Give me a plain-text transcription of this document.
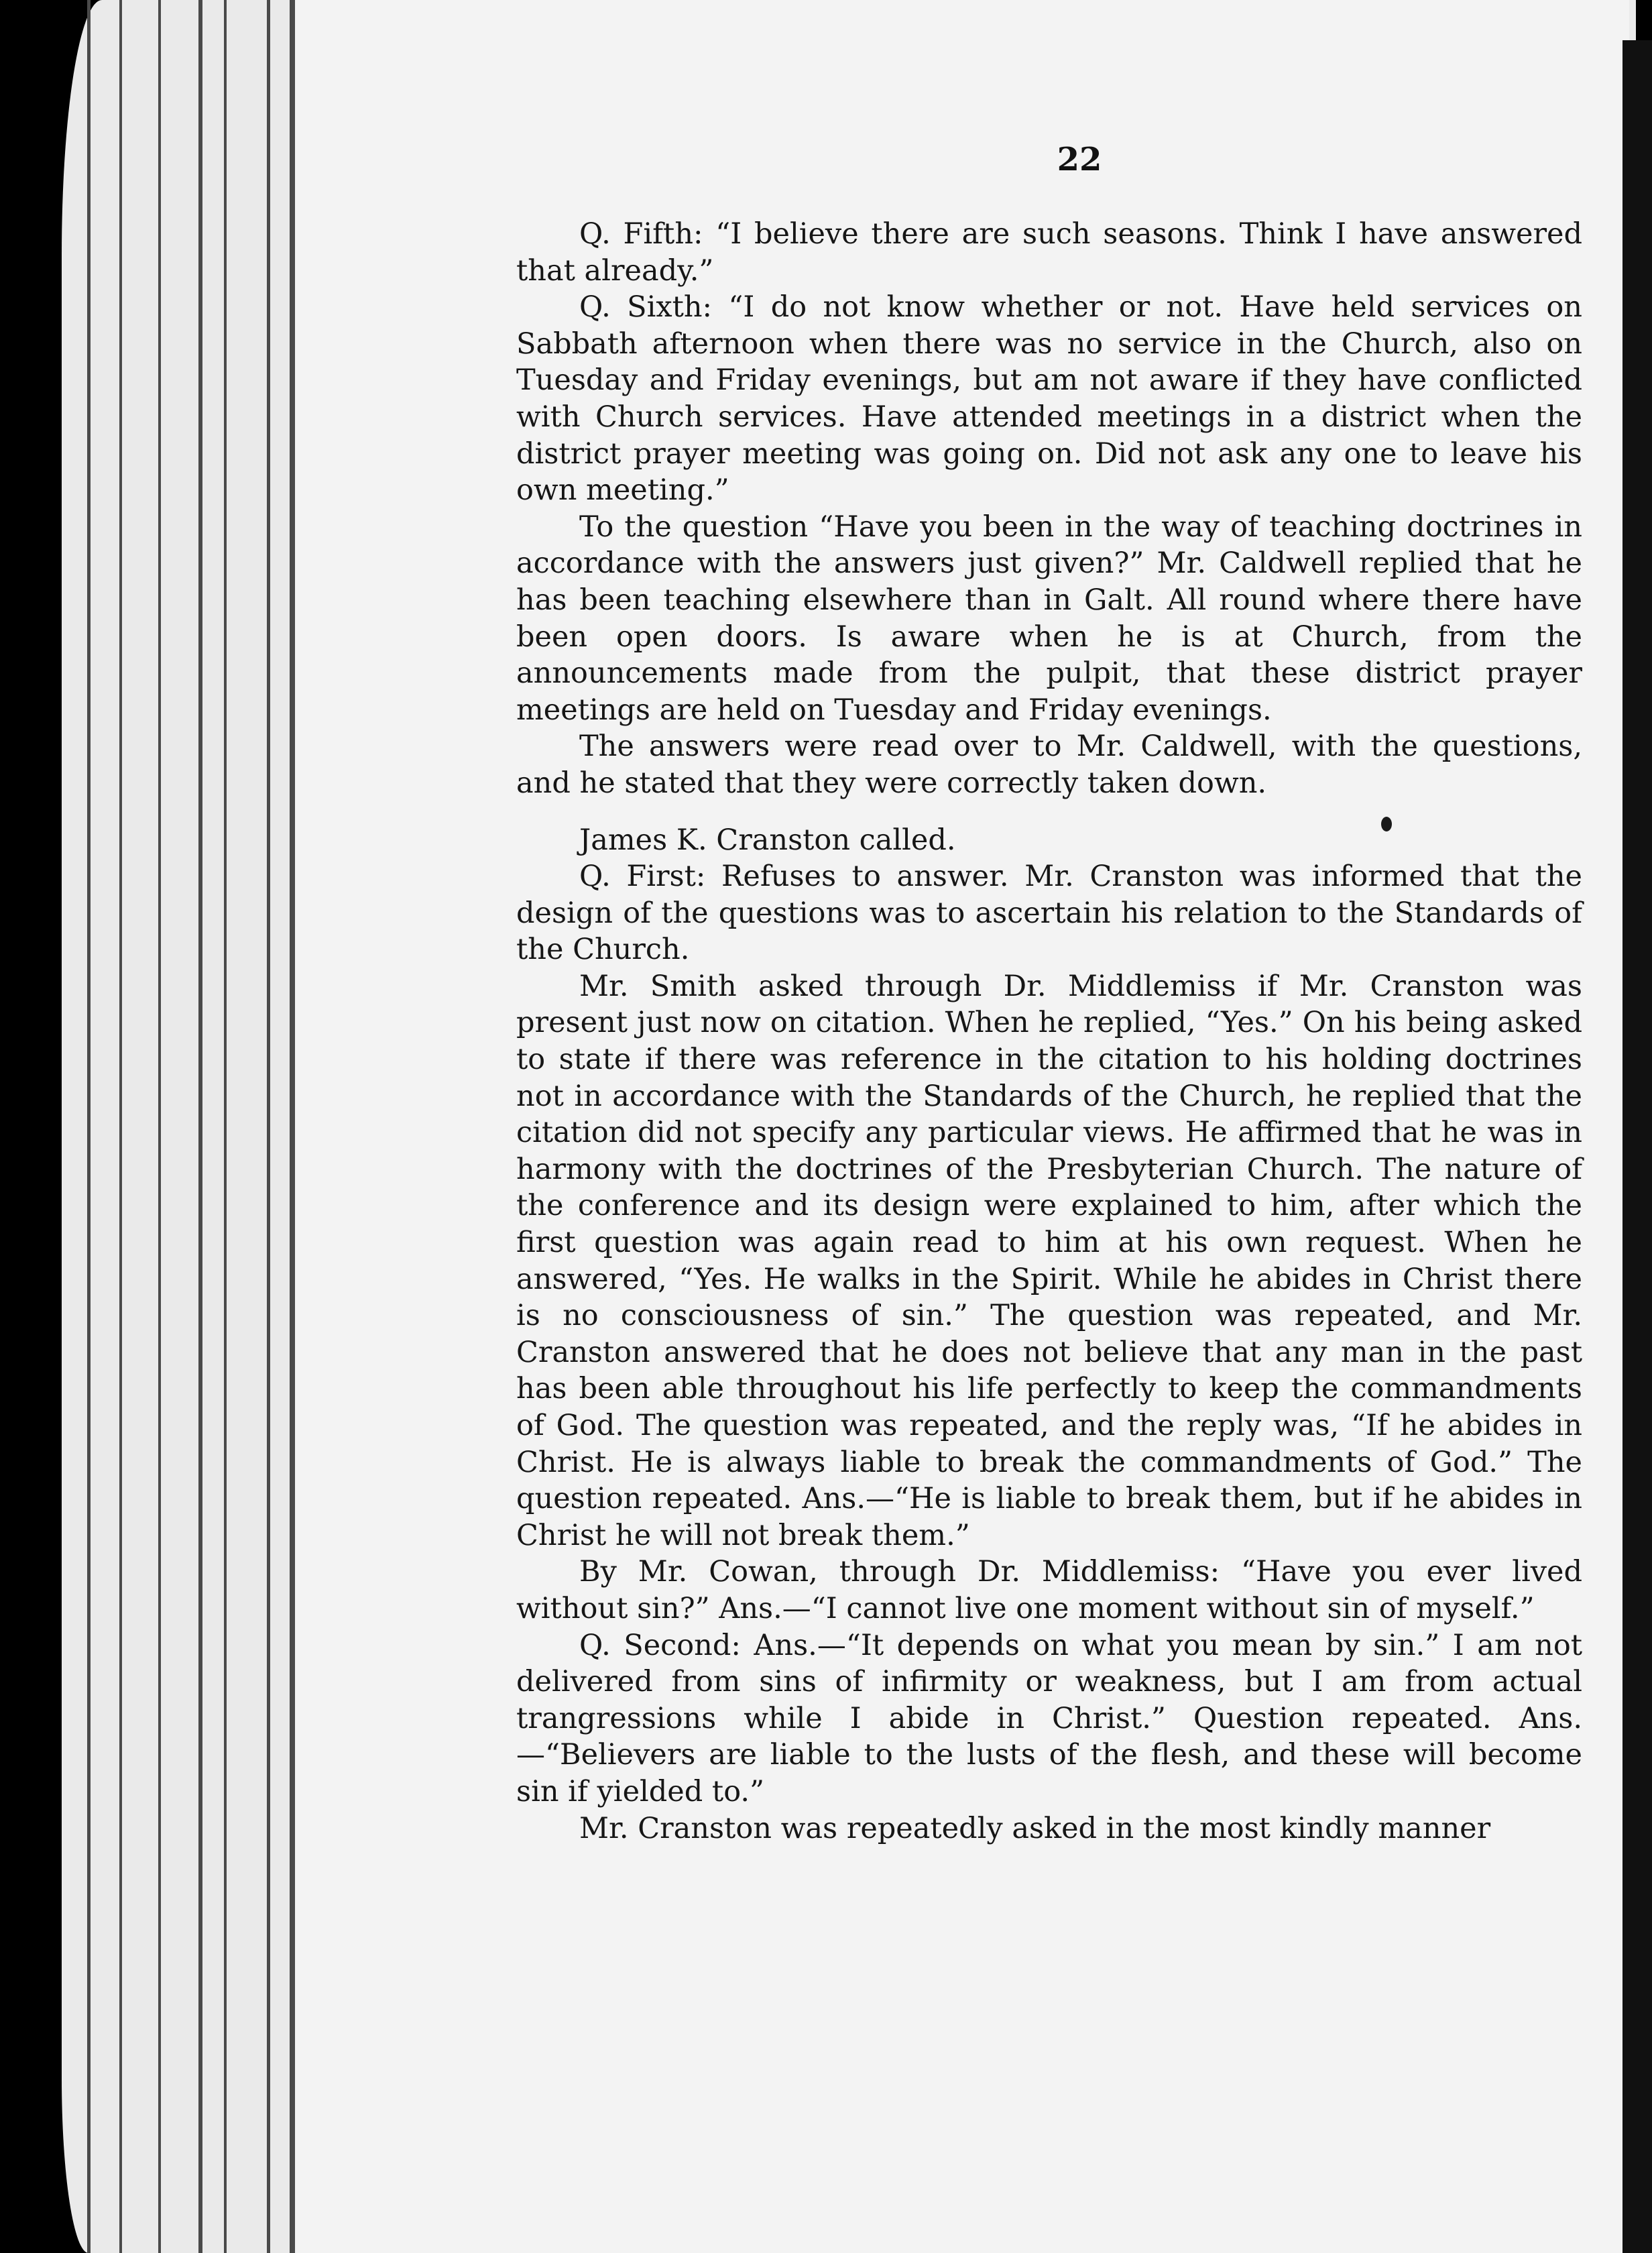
22

Q. Fifth: “I believe there are such seasons. Think I have answered that already.”

Q. Sixth: “I do not know whether or not. Have held services on Sabbath afternoon when there was no service in the Church, also on Tuesday and Friday evenings, but am not aware if they have conflicted with Church services. Have attended meetings in a district when the district prayer meeting was going on. Did not ask any one to leave his own meeting.”

To the question “Have you been in the way of teaching doctrines in accordance with the answers just given?” Mr. Caldwell replied that he has been teaching elsewhere than in Galt. All round where there have been open doors. Is aware when he is at Church, from the announcements made from the pulpit, that these district prayer meetings are held on Tuesday and Friday evenings.

The answers were read over to Mr. Caldwell, with the questions, and he stated that they were correctly taken down.

James K. Cranston called.

Q. First: Refuses to answer. Mr. Cranston was informed that the design of the questions was to ascertain his relation to the Standards of the Church.

Mr. Smith asked through Dr. Middlemiss if Mr. Cranston was present just now on citation. When he replied, “Yes.” On his being asked to state if there was reference in the citation to his holding doctrines not in accordance with the Standards of the Church, he replied that the citation did not specify any particular views. He affirmed that he was in harmony with the doctrines of the Presbyterian Church. The nature of the conference and its design were explained to him, after which the first question was again read to him at his own request. When he answered, “Yes. He walks in the Spirit. While he abides in Christ there is no consciousness of sin.” The question was repeated, and Mr. Cranston answered that he does not believe that any man in the past has been able throughout his life perfectly to keep the commandments of God. The question was repeated, and the reply was, “If he abides in Christ. He is always liable to break the commandments of God.” The question repeated. Ans.—“He is liable to break them, but if he abides in Christ he will not break them.”

By Mr. Cowan, through Dr. Middlemiss: “Have you ever lived without sin?” Ans.—“I cannot live one moment without sin of myself.”

Q. Second: Ans.—“It depends on what you mean by sin.” I am not delivered from sins of infirmity or weakness, but I am from actual trangressions while I abide in Christ.” Question repeated. Ans.—“Believers are liable to the lusts of the flesh, and these will become sin if yielded to.”

Mr. Cranston was repeatedly asked in the most kindly manner
